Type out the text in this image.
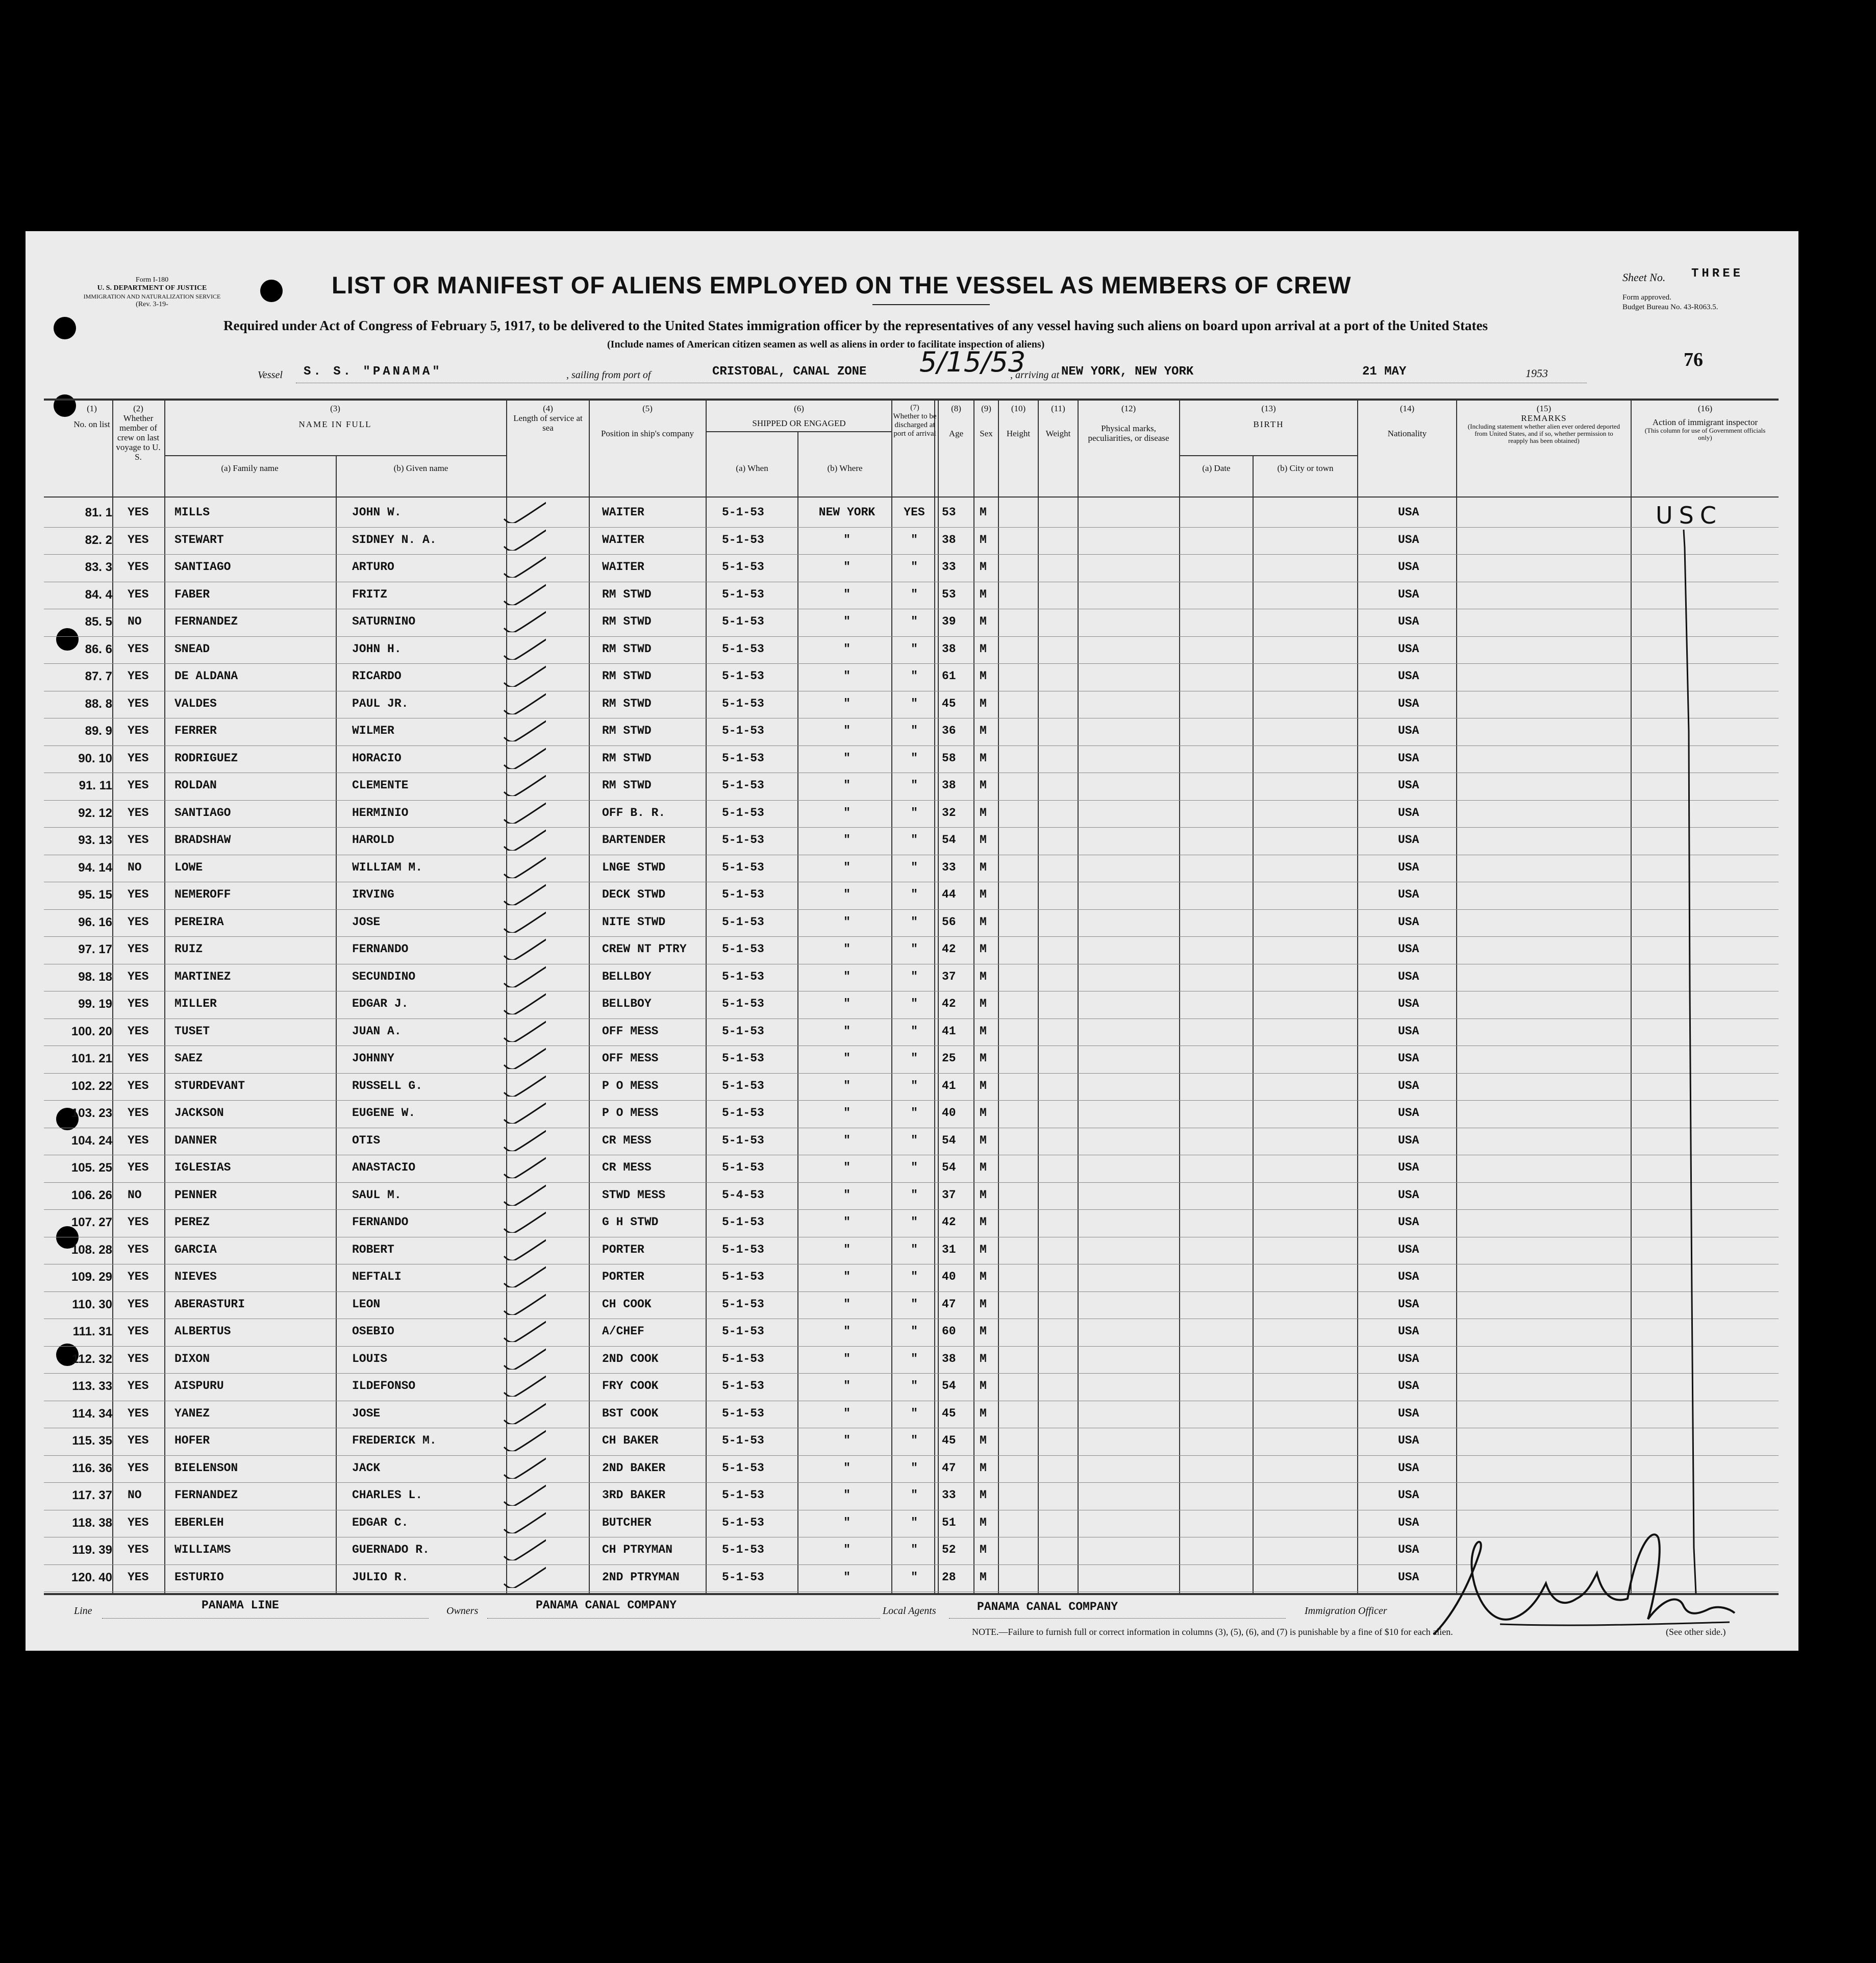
Form I-180
U. S. DEPARTMENT OF JUSTICE
IMMIGRATION AND NATURALIZATION SERVICE
(Rev. 3-19-
LIST OR MANIFEST OF ALIENS EMPLOYED ON THE VESSEL AS MEMBERS OF CREW
Required under Act of Congress of February 5, 1917, to be delivered to the United States immigration officer by the representatives of any vessel having such aliens on board upon arrival at a port of the United States
(Include names of American citizen seamen as well as aliens in order to facilitate inspection of aliens)
Sheet No. THREE
Form approved.
Budget Bureau No. 43-R063.5.
76
Vessel S. S. "PANAMA"	, sailing from port of	CRISTOBAL, CANAL ZONE 5/15/53
, arriving at NEW YORK, NEW YORK	21 MAY	1953
(1)
No. on list
(2)
Whether member of crew on last voyage to U. S.
(3)
NAME IN FULL
(a) Family name	(b) Given name
(4)
Length of service at sea
(5)
Position in ship's company
(6)
SHIPPED OR ENGAGED
(a) When	(b) Where
(7)
Whether to be discharged at port of arrival
(8)
Age
(9)
Sex
(10)
Height
(11)
Weight
(12)
Physical marks, peculiarities, or disease
(13)
BIRTH
(a) Date	(b) City or town
(14)
Nationality
(15)
REMARKS
(Including statement whether alien ever ordered deported from United States, and if so, whether permission to reapply has been obtained)
(16)
Action of immigrant inspector
(This column for use of Government officials only)
81. 1 YES MILLS	JOHN W.	WAITER	5-1-53	NEW YORK	YES	53 M	USA
82. 2 YES STEWART	SIDNEY N. A.	WAITER	5-1-53	"	"	38 M	USA
83. 3 YES SANTIAGO	ARTURO	WAITER	5-1-53	"	"	33 M	USA
84. 4 YES FABER	FRITZ	RM STWD	5-1-53	"	"	53 M	USA
85. 5 NO	FERNANDEZ	SATURNINO	RM STWD	5-1-53	"	"	39 M	USA
86. 6 YES SNEAD	JOHN H.	RM STWD	5-1-53	"	"	38 M	USA
87. 7 YES DE ALDANA	RICARDO	RM STWD	5-1-53	"	"	61 M	USA
88. 8 YES VALDES	PAUL JR.	RM STWD	5-1-53	"	"	45 M	USA
89. 9 YES FERRER	WILMER	RM STWD	5-1-53	"	"	36 M	USA
90. 10 YES RODRIGUEZ	HORACIO	RM STWD	5-1-53	"	"	58 M	USA
91. 11 YES ROLDAN	CLEMENTE	RM STWD	5-1-53	"	"	38 M	USA
92. 12 YES SANTIAGO	HERMINIO	OFF B. R.	5-1-53	"	"	32 M	USA
93. 13 YES BRADSHAW	HAROLD	BARTENDER	5-1-53	"	"	54 M	USA
94. 14 NO	LOWE	WILLIAM M.	LNGE STWD	5-1-53	"	"	33 M	USA
95. 15 YES NEMEROFF	IRVING	DECK STWD	5-1-53	"	"	44 M	USA
96. 16 YES PEREIRA	JOSE	NITE STWD	5-1-53	"	"	56 M	USA
97. 17 YES RUIZ	FERNANDO	CREW NT PTRY	5-1-53	"	"	42 M	USA
98. 18 YES MARTINEZ	SECUNDINO	BELLBOY	5-1-53	"	"	37 M	USA
99. 19 YES MILLER	EDGAR J.	BELLBOY	5-1-53	"	"	42 M	USA
100. 20 YES TUSET	JUAN A.	OFF MESS	5-1-53	"	"	41 M	USA
101. 21 YES SAEZ	JOHNNY	OFF MESS	5-1-53	"	"	25 M	USA
102. 22 YES STURDEVANT	RUSSELL G.	P O MESS	5-1-53	"	"	41 M	USA
103. 23 YES JACKSON	EUGENE W.	P O MESS	5-1-53	"	"	40 M	USA
104. 24 YES DANNER	OTIS	CR MESS	5-1-53	"	"	54 M	USA
105. 25 YES IGLESIAS	ANASTACIO	CR MESS	5-1-53	"	"	54 M	USA
106. 26 NO	PENNER	SAUL M.	STWD MESS	5-4-53	"	"	37 M	USA
107. 27 YES PEREZ	FERNANDO	G H STWD	5-1-53	"	"	42 M	USA
108. 28 YES GARCIA	ROBERT	PORTER	5-1-53	"	"	31 M	USA
109. 29 YES NIEVES	NEFTALI	PORTER	5-1-53	"	"	40 M	USA
110. 30 YES ABERASTURI	LEON	CH COOK	5-1-53	"	"	47 M	USA
111. 31 YES ALBERTUS	OSEBIO	A/CHEF	5-1-53	"	"	60 M	USA
112. 32 YES DIXON	LOUIS	2ND COOK	5-1-53	"	"	38 M	USA
113. 33 YES AISPURU	ILDEFONSO	FRY COOK	5-1-53	"	"	54 M	USA
114. 34 YES YANEZ	JOSE	BST COOK	5-1-53	"	"	45 M	USA
115. 35 YES HOFER	FREDERICK M.	CH BAKER	5-1-53	"	"	45 M	USA
116. 36 YES BIELENSON	JACK	2ND BAKER	5-1-53	"	"	47 M	USA
117. 37 NO	FERNANDEZ	CHARLES L.	3RD BAKER	5-1-53	"	"	33 M	USA
118. 38 YES EBERLEH	EDGAR C.	BUTCHER	5-1-53	"	"	51 M	USA
119. 39 YES WILLIAMS	GUERNADO R.	CH PTRYMAN	5-1-53	"	"	52 M	USA
120. 40 YES ESTURIO	JULIO R.	2ND PTRYMAN	5-1-53	"	"	28 M	USA
USC
Line	PANAMA LINE	Owners	PANAMA CANAL COMPANY	Local Agents	PANAMA CANAL COMPANY	Immigration Officer
NOTE.—Failure to furnish full or correct information in columns (3), (5), (6), and (7) is punishable by a fine of $10 for each alien.	(See other side.)
